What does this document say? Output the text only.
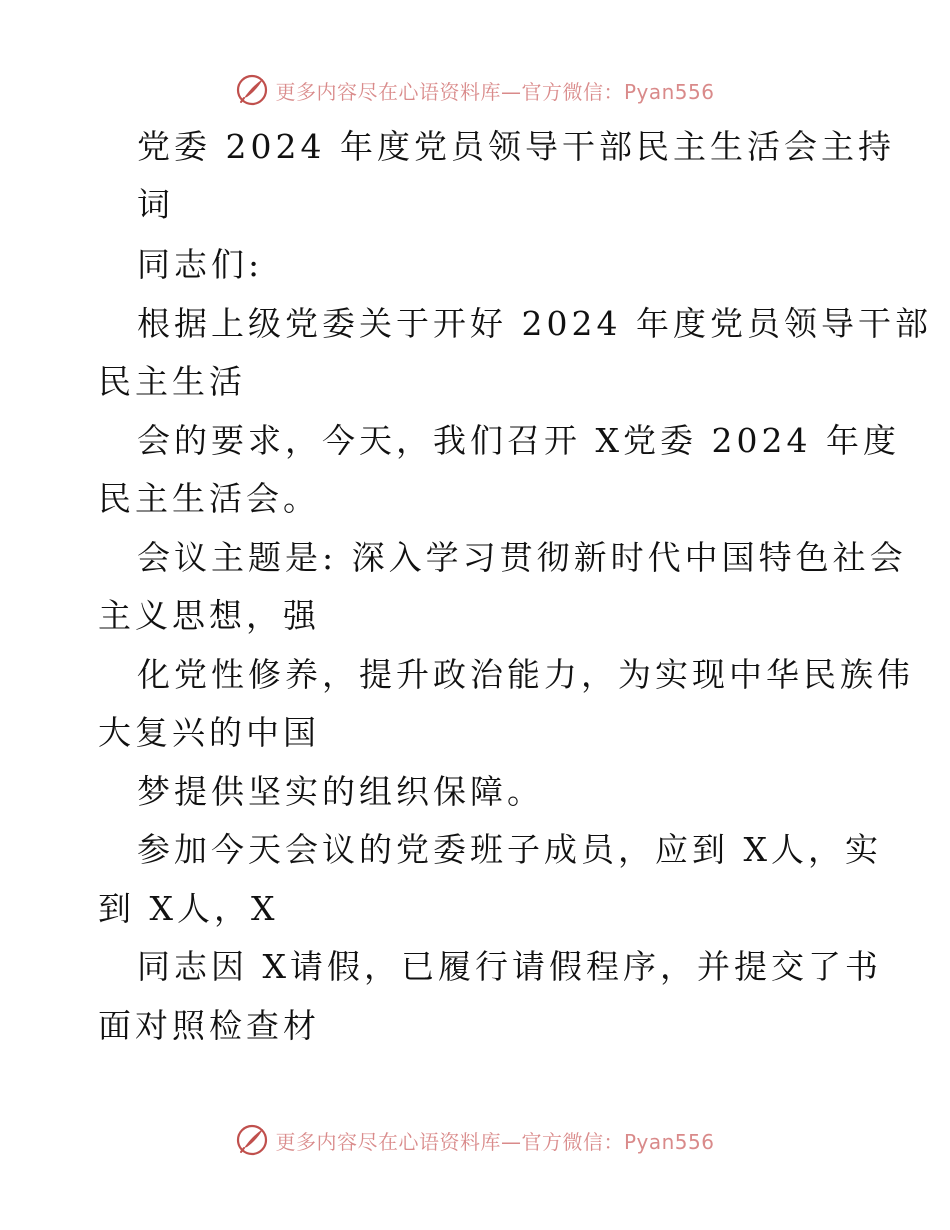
更多内容尽在心语资料库—官方微信：Pyan556
党委 2024 年度党员领导干部民主生活会主持
词
同志们:
根据上级党委关于开好 2024 年度党员领导干部
民主生活
会的要求，今天，我们召开 X党委 2024 年度
民主生活会。
会议主题是: 深入学习贯彻新时代中国特色社会
主义思想，强
化党性修养，提升政治能力，为实现中华民族伟
大复兴的中国
梦提供坚实的组织保障。
参加今天会议的党委班子成员，应到 X人，实
到 X人，X
同志因 X请假，已履行请假程序，并提交了书
面对照检查材
更多内容尽在心语资料库—官方微信：Pyan556
